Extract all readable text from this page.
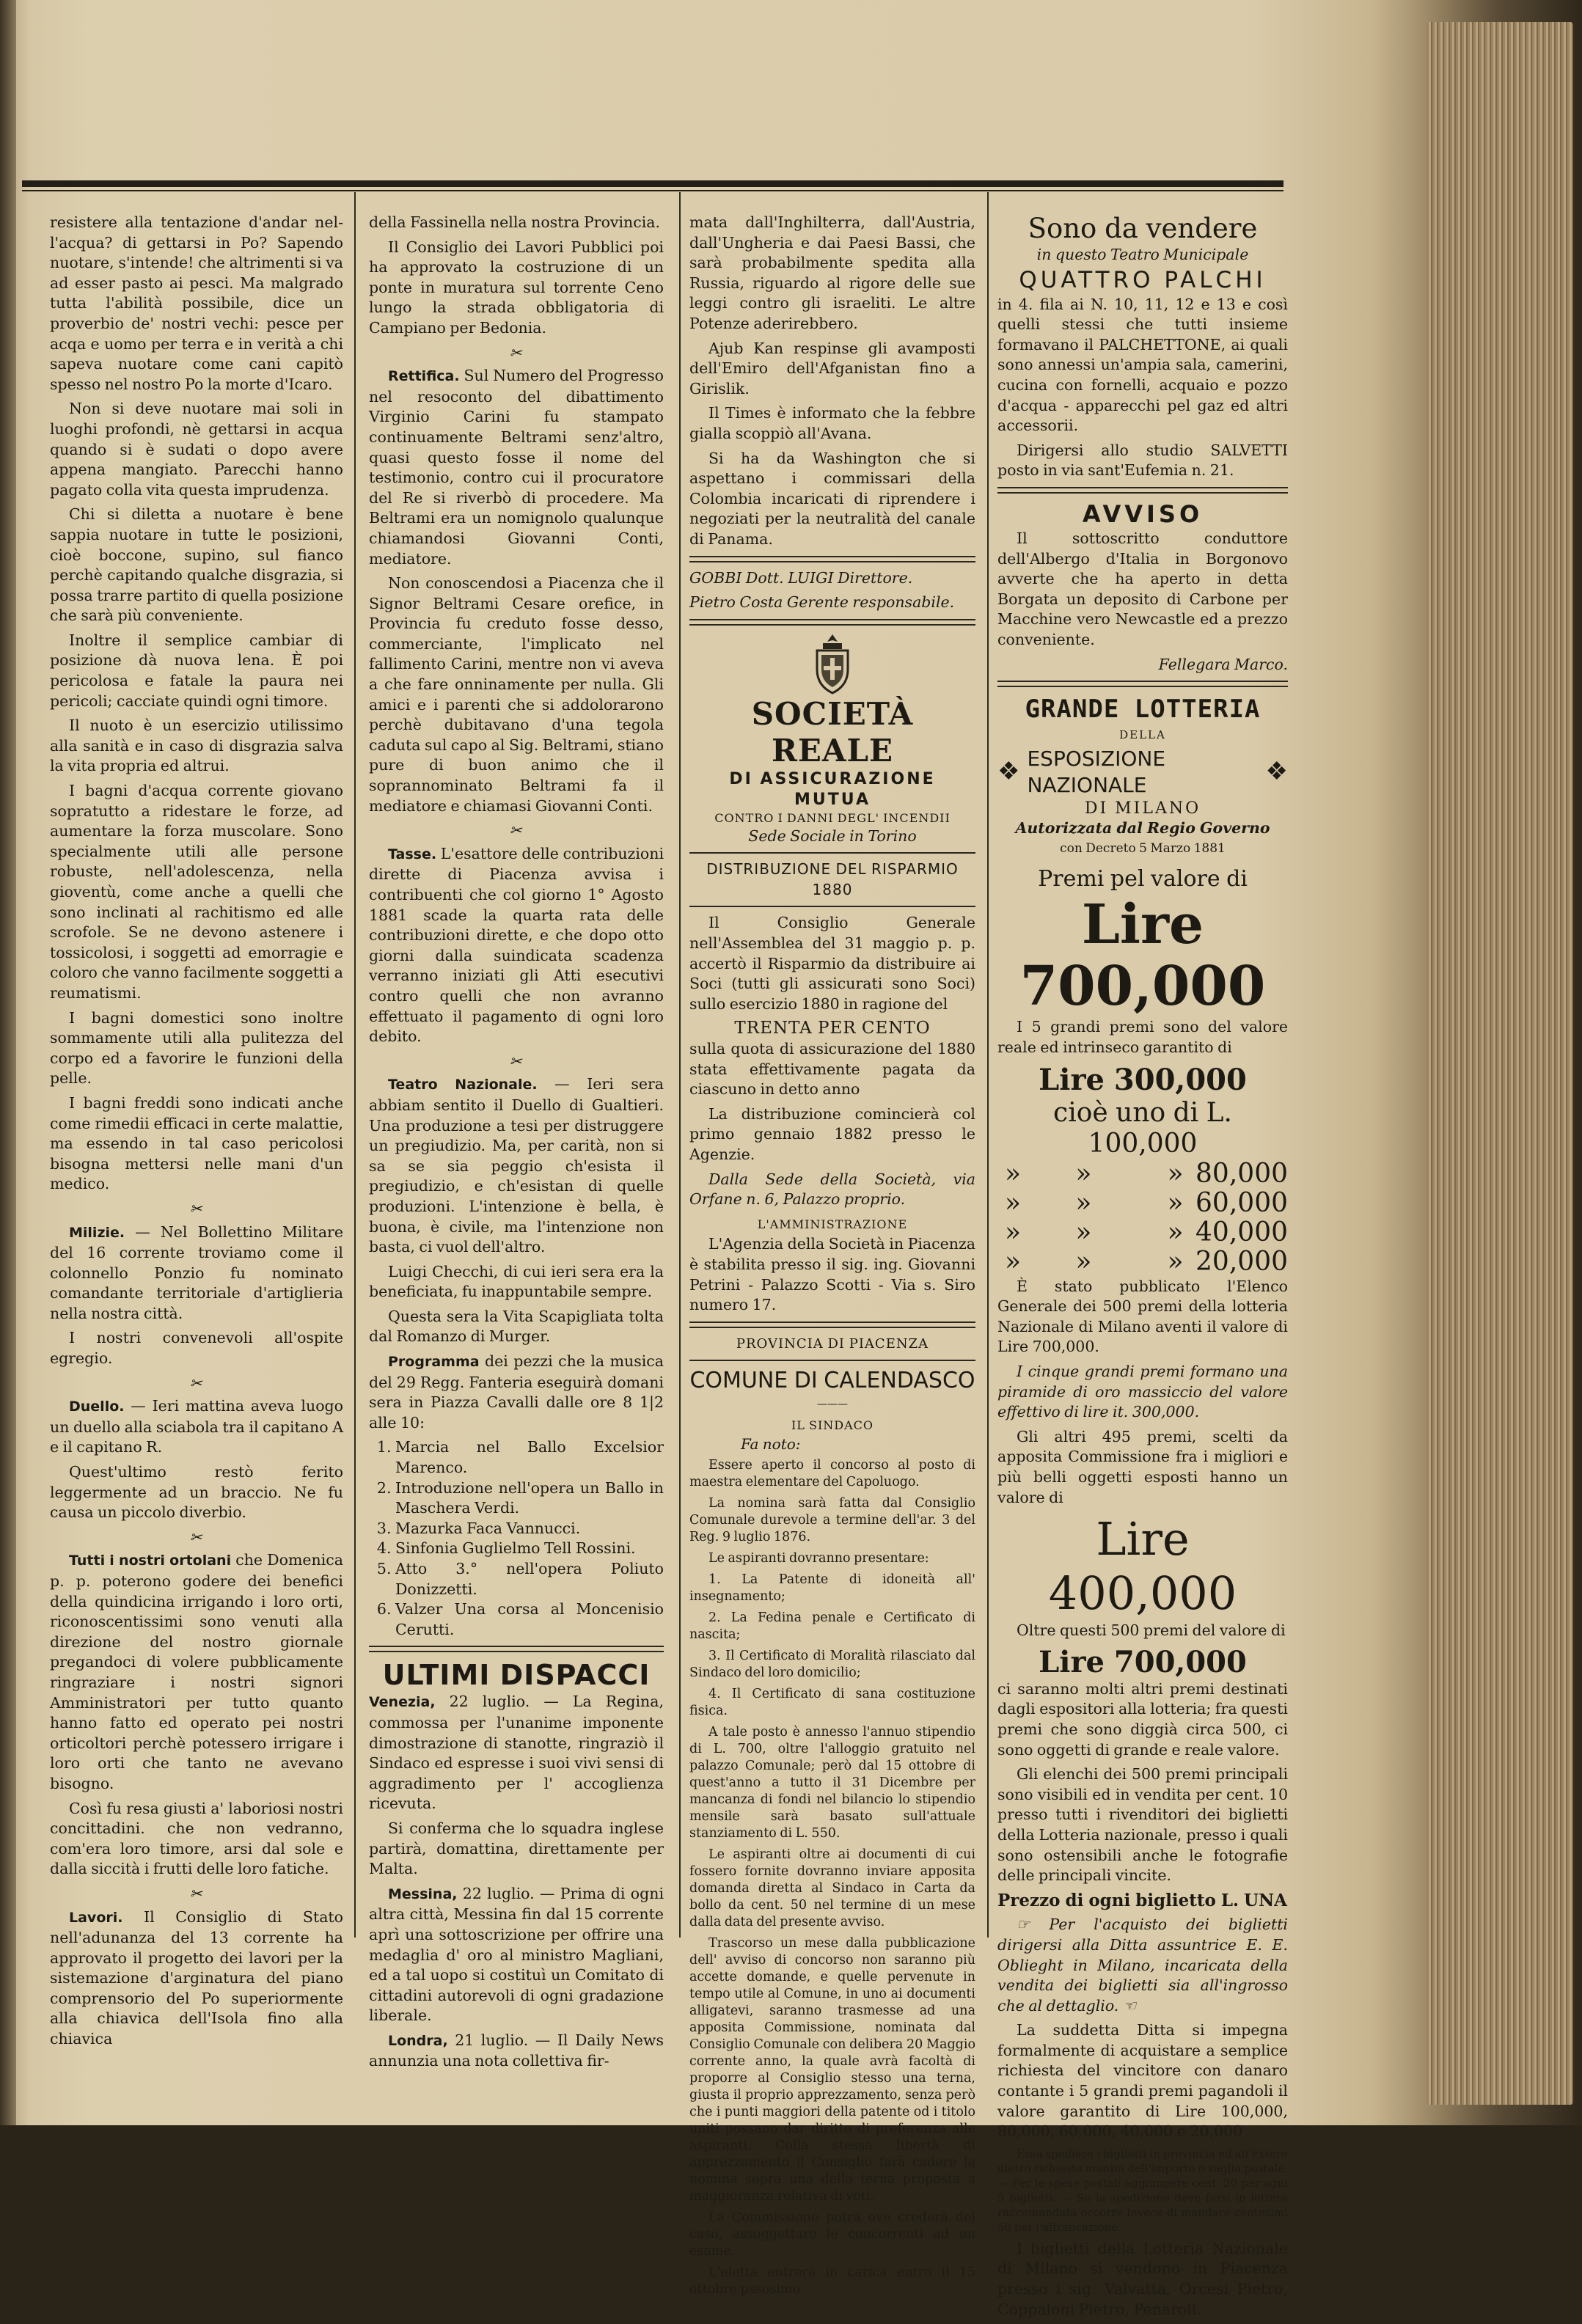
resistere alla tentazione d'andar nel-l'acqua? di gettarsi in Po? Sapendo nuotare, s'intende! che altrimenti si va ad esser pasto ai pesci. Ma malgrado tutta l'abilità possibile, dice un proverbio de' nostri vechi: pesce per acqa e uomo per terra e in verità a chi sapeva nuotare come cani capitò spesso nel nostro Po la morte d'Icaro.

Non si deve nuotare mai soli in luoghi profondi, nè gettarsi in acqua quando si è sudati o dopo avere appena mangiato. Parecchi hanno pagato colla vita questa imprudenza.

Chi si diletta a nuotare è bene sappia nuotare in tutte le posizioni, cioè boccone, supino, sul fianco perchè capitando qualche disgrazia, si possa trarre partito di quella posizione che sarà più conveniente.

Inoltre il semplice cambiar di posizione dà nuova lena. È poi pericolosa e fatale la paura nei pericoli; cacciate quindi ogni timore.

Il nuoto è un esercizio utilissimo alla sanità e in caso di disgrazia salva la vita propria ed altrui.

I bagni d'acqua corrente giovano sopratutto a ridestare le forze, ad aumentare la forza muscolare. Sono specialmente utili alle persone robuste, nell'adolescenza, nella gioventù, come anche a quelli che sono inclinati al rachitismo ed alle scrofole. Se ne devono astenere i tossicolosi, i soggetti ad emorragie e coloro che vanno facilmente soggetti a reumatismi.

I bagni domestici sono inoltre sommamente utili alla pulitezza del corpo ed a favorire le funzioni della pelle.

I bagni freddi sono indicati anche come rimedii efficaci in certe malattie, ma essendo in tal caso pericolosi bisogna mettersi nelle mani d'un medico.

✂

Milizie. — Nel Bollettino Militare del 16 corrente troviamo come il colonnello Ponzio fu nominato comandante territoriale d'artiglieria nella nostra città.

I nostri convenevoli all'ospite egregio.

✂

Duello. — Ieri mattina aveva luogo un duello alla sciabola tra il capitano A e il capitano R.

Quest'ultimo restò ferito leggermente ad un braccio. Ne fu causa un piccolo diverbio.

✂

Tutti i nostri ortolani che Domenica p. p. poterono godere dei benefici della quindicina irrigando i loro orti, riconoscentissimi sono venuti alla direzione del nostro giornale pregandoci di volere pubblicamente ringraziare i nostri signori Amministratori per tutto quanto hanno fatto ed operato pei nostri orticoltori perchè potessero irrigare i loro orti che tanto ne avevano bisogno.

Così fu resa giusti a' laboriosi nostri concittadini. che non vedranno, com'era loro timore, arsi dal sole e dalla siccità i frutti delle loro fatiche.

✂

Lavori. Il Consiglio di Stato nell'adunanza del 13 corrente ha approvato il progetto dei lavori per la sistemazione d'arginatura del piano comprensorio del Po superiormente alla chiavica dell'Isola fino alla chiavica

della Fassinella nella nostra Provincia.

Il Consiglio dei Lavori Pubblici poi ha approvato la costruzione di un ponte in muratura sul torrente Ceno lungo la strada obbligatoria di Campiano per Bedonia.

✂

Rettifica. Sul Numero del Progresso nel resoconto del dibattimento Virginio Carini fu stampato continuamente Beltrami senz'altro, quasi questo fosse il nome del testimonio, contro cui il procuratore del Re si riverbò di procedere. Ma Beltrami era un nomignolo qualunque chiamandosi Giovanni Conti, mediatore.

Non conoscendosi a Piacenza che il Signor Beltrami Cesare orefice, in Provincia fu creduto fosse desso, commerciante, l'implicato nel fallimento Carini, mentre non vi aveva a che fare onninamente per nulla. Gli amici e i parenti che si addolorarono perchè dubitavano d'una tegola caduta sul capo al Sig. Beltrami, stiano pure di buon animo che il soprannominato Beltrami fa il mediatore e chiamasi Giovanni Conti.

✂

Tasse. L'esattore delle contribuzioni dirette di Piacenza avvisa i contribuenti che col giorno 1° Agosto 1881 scade la quarta rata delle contribuzioni dirette, e che dopo otto giorni dalla suindicata scadenza verranno iniziati gli Atti esecutivi contro quelli che non avranno effettuato il pagamento di ogni loro debito.

✂

Teatro Nazionale. — Ieri sera abbiam sentito il Duello di Gualtieri. Una produzione a tesi per distruggere un pregiudizio. Ma, per carità, non si sa se sia peggio ch'esista il pregiudizio, e ch'esistan di quelle produzioni. L'intenzione è bella, è buona, è civile, ma l'intenzione non basta, ci vuol dell'altro.

Luigi Checchi, di cui ieri sera era la beneficiata, fu inappuntabile sempre.

Questa sera la Vita Scapigliata tolta dal Romanzo di Murger.

Programma dei pezzi che la musica del 29 Regg. Fanteria eseguirà domani sera in Piazza Cavalli dalle ore 8 1|2 alle 10:

1. Marcia nel Ballo Excelsior Marenco.
2. Introduzione nell'opera un Ballo in Maschera Verdi.
3. Mazurka Faca Vannucci.
4. Sinfonia Guglielmo Tell Rossini.
5. Atto 3.° nell'opera Poliuto Donizzetti.
6. Valzer Una corsa al Moncenisio Cerutti.
ULTIMI DISPACCI

Venezia, 22 luglio. — La Regina, commossa per l'unanime imponente dimostrazione di stanotte, ringraziò il Sindaco ed espresse i suoi vivi sensi di aggradimento per l' accoglienza ricevuta.

Si conferma che lo squadra inglese partirà, domattina, direttamente per Malta.

Messina, 22 luglio. — Prima di ogni altra città, Messina fin dal 15 corrente aprì una sottoscrizione per offrire una medaglia d' oro al ministro Magliani, ed a tal uopo si costituì un Comitato di cittadini autorevoli di ogni gradazione liberale.

Londra, 21 luglio. — Il Daily News annunzia una nota collettiva fir-

mata dall'Inghilterra, dall'Austria, dall'Ungheria e dai Paesi Bassi, che sarà probabilmente spedita alla Russia, riguardo al rigore delle sue leggi contro gli israeliti. Le altre Potenze aderirebbero.

Ajub Kan respinse gli avamposti dell'Emiro dell'Afganistan fino a Girislik.

Il Times è informato che la febbre gialla scoppiò all'Avana.

Si ha da Washington che si aspettano i commissari della Colombia incaricati di riprendere i negoziati per la neutralità del canale di Panama.

GOBBI Dott. LUIGI Direttore.

Pietro Costa Gerente responsabile.

SOCIETÀ REALE
DI ASSICURAZIONE MUTUA
CONTRO I DANNI DEGL' INCENDII
Sede Sociale in Torino
DISTRIBUZIONE DEL RISPARMIO 1880

Il Consiglio Generale nell'Assemblea del 31 maggio p. p. accertò il Risparmio da distribuire ai Soci (tutti gli assicurati sono Soci) sullo esercizio 1880 in ragione del

TRENTA PER CENTO

sulla quota di assicurazione del 1880 stata effettivamente pagata da ciascuno in detto anno

La distribuzione comincierà col primo gennaio 1882 presso le Agenzie.

Dalla Sede della Società, via Orfane n. 6, Palazzo proprio.

L'AMMINISTRAZIONE

L'Agenzia della Società in Piacenza è stabilita presso il sig. ing. Giovanni Petrini - Palazzo Scotti - Via s. Siro numero 17.

PROVINCIA DI PIACENZA
COMUNE DI CALENDASCO
———
IL SINDACO

Fa noto:

Essere aperto il concorso al posto di maestra elementare del Capoluogo.

La nomina sarà fatta dal Consiglio Comunale durevole a termine dell'ar. 3 del Reg. 9 luglio 1876.

Le aspiranti dovranno presentare:

1. La Patente di idoneità all' insegnamento;

2. La Fedina penale e Certificato di nascita;

3. Il Certificato di Moralità rilasciato dal Sindaco del loro domicilio;

4. Il Certificato di sana costituzione fisica.

A tale posto è annesso l'annuo stipendio di L. 700, oltre l'alloggio gratuito nel palazzo Comunale; però dal 15 ottobre di quest'anno a tutto il 31 Dicembre per mancanza di fondi nel bilancio lo stipendio mensile sarà basato sull'attuale stanziamento di L. 550.

Le aspiranti oltre ai documenti di cui fossero fornite dovranno inviare apposita domanda diretta al Sindaco in Carta da bollo da cent. 50 nel termine di un mese dalla data del presente avviso.

Trascorso un mese dalla pubblicazione dell' avviso di concorso non saranno più accette domande, e quelle pervenute in tempo utile al Comune, in uno ai documenti alligatevi, saranno trasmesse ad una apposita Commissione, nominata dal Consiglio Comunale con delibera 20 Maggio corrente anno, la quale avrà facoltà di proporre al Consiglio stesso una terna, giusta il proprio apprezzamento, senza però che i punti maggiori della patente od i titolo uniti possano dar diritto di preferenza alle aspiranti. Colla stessa libertà di apprezzamento il Consiglio farà cadere la nomina sopra una della terna proposta a maggioranza relativa di voti.

La Commissione potrà ove crederà del caso, assoggettare le concorrenti ad un esame.

L'eletta entrerà in carica entro il 15 ottobre pssosimo.

Sono da vendere
in questo Teatro Municipale
QUATTRO PALCHI

in 4. fila ai N. 10, 11, 12 e 13 e così quelli stessi che tutti insieme formavano il PALCHETTONE, ai quali sono annessi un'ampia sala, camerini, cucina con fornelli, acquaio e pozzo d'acqua - apparecchi pel gaz ed altri accessorii.

Dirigersi allo studio SALVETTI posto in via sant'Eufemia n. 21.

AVVISO

Il sottoscritto conduttore dell'Albergo d'Italia in Borgonovo avverte che ha aperto in detta Borgata un deposito di Carbone per Macchine vero Newcastle ed a prezzo conveniente.

Fellegara Marco.

GRANDE LOTTERIA
DELLA
❖ ESPOSIZIONE NAZIONALE	❖
DI MILANO
Autorizzata dal Regio Governo
con Decreto 5 Marzo 1881
Premi pel valore di
Lire 700,000

I 5 grandi premi sono del valore reale ed intrinseco garantito di

Lire 300,000
cioè uno di L. 100,000
»	»	» 80,000
»	»	» 60,000
»	»	» 40,000
»	»	» 20,000

È stato pubblicato l'Elenco Generale dei 500 premi della lotteria Nazionale di Milano aventi il valore di Lire 700,000.

I cinque grandi premi formano una piramide di oro massiccio del valore effettivo di lire it. 300,000.

Gli altri 495 premi, scelti da apposita Commissione fra i migliori e più belli oggetti esposti hanno un valore di

Lire 400,000

Oltre questi 500 premi del valore di

Lire 700,000

ci saranno molti altri premi destinati dagli espositori alla lotteria; fra questi premi che sono diggià circa 500, ci sono oggetti di grande e reale valore.

Gli elenchi dei 500 premi principali sono visibili ed in vendita per cent. 10 presso tutti i rivenditori dei biglietti della Lotteria nazionale, presso i quali sono ostensibili anche le fotografie delle principali vincite.

Prezzo di ogni biglietto L. UNA

☞ Per l'acquisto dei biglietti dirigersi alla Ditta assuntrice E. E. Oblieght in Milano, incaricata della vendita dei biglietti sia all'ingrosso che al dettaglio. ☜

La suddetta Ditta si impegna formalmente di acquistare a semplice richiesta del vincitore con danaro contante i 5 grandi premi pagandoli il valore garantito di Lire 100,000, 80,000, 60,000, 40,000 e 20,000

Essa spedisce i biglietti in provincia ed all'Estero dietro richiesta munita dell'importo o vaglia postale. — Per le spese postali aggiungere cent. 20 per ogni 5 biglietti. — Se la spedizione deve farsi in lettera raccomandata occorre invece di mandare centesimi 50 per l'affrancazione.

I biglietti della Lotteria Nazionale di Milano si vendono in Piacenza presso i sig. Valvatta, Orcesi Pietro, Coppaloni Pietro, Penaroli.
